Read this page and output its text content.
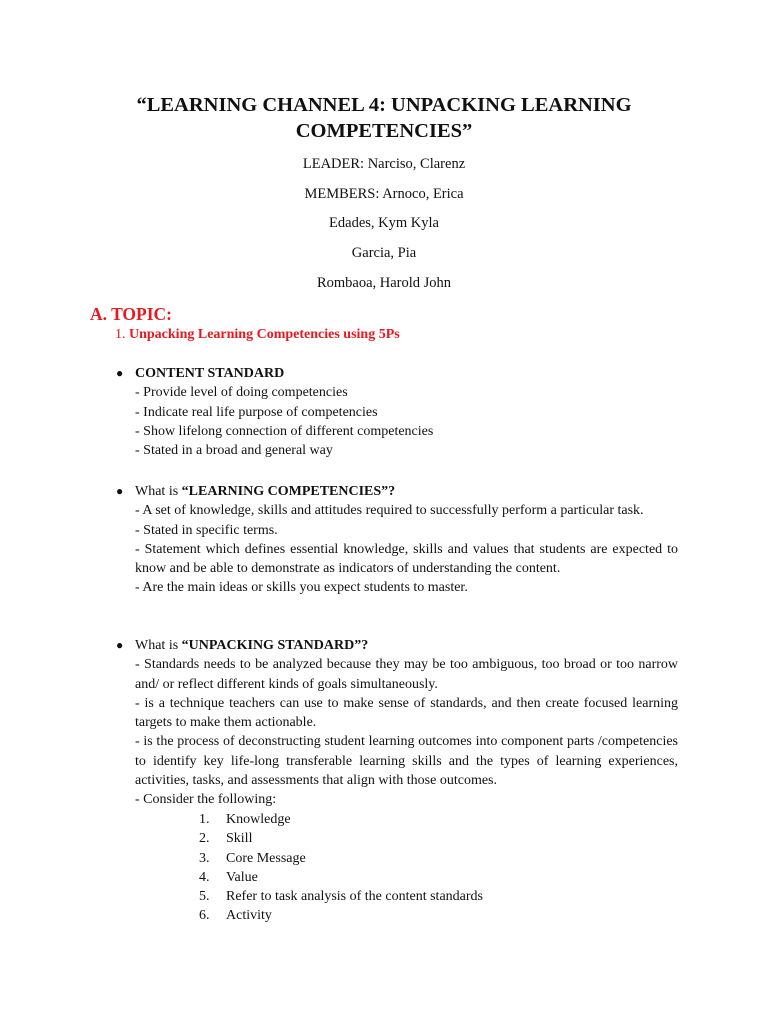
“LEARNING CHANNEL 4: UNPACKING LEARNING
COMPETENCIES”
LEADER: Narciso, Clarenz
MEMBERS: Arnoco, Erica
Edades, Kym Kyla
Garcia, Pia
Rombaoa, Harold John
A. TOPIC:
1. Unpacking Learning Competencies using 5Ps
● CONTENT STANDARD
- Provide level of doing competencies
- Indicate real life purpose of competencies
- Show lifelong connection of different competencies
- Stated in a broad and general way
● What is “LEARNING COMPETENCIES”?
- A set of knowledge, skills and attitudes required to successfully perform a particular task.
- Stated in specific terms.
- Statement which defines essential knowledge, skills and values that students are expected to know and be able to demonstrate as indicators of understanding the content.
- Are the main ideas or skills you expect students to master.
● What is “UNPACKING STANDARD”?
- Standards needs to be analyzed because they may be too ambiguous, too broad or too narrow and/ or reflect different kinds of goals simultaneously.
- is a technique teachers can use to make sense of standards, and then create focused learning targets to make them actionable.
- is the process of deconstructing student learning outcomes into component parts /competencies to identify key life-long transferable learning skills and the types of learning experiences, activities, tasks, and assessments that align with those outcomes.
- Consider the following:
1. Knowledge
2. Skill
3. Core Message
4. Value
5. Refer to task analysis of the content standards
6. Activity
